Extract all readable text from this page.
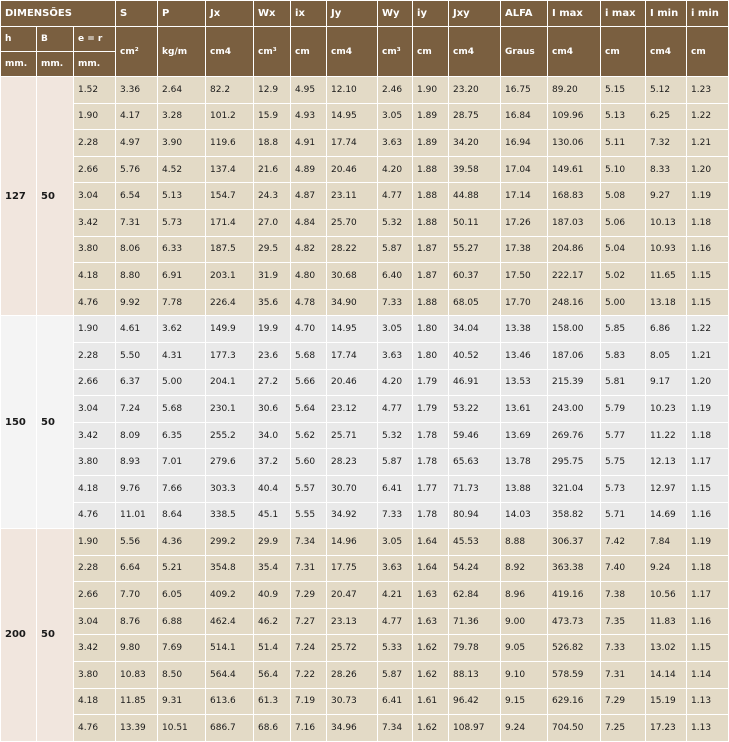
DIMENSÕES			S	P	Jx	Wx	ix	Jy	Wy	iy	Jxy	ALFA	I max	i max	I min	i min
h	B	e = r	cm²	kg/m	cm4	cm³	cm	cm4	cm³	cm	cm4	Graus	cm4	cm	cm4	cm
mm.	mm.	mm.														
127	50	1.52	3.36	2.64	82.2	12.9	4.95	12.10	2.46	1.90	23.20	16.75	89.20	5.15	5.12	1.23
		1.90	4.17	3.28	101.2	15.9	4.93	14.95	3.05	1.89	28.75	16.84	109.96	5.13	6.25	1.22
		2.28	4.97	3.90	119.6	18.8	4.91	17.74	3.63	1.89	34.20	16.94	130.06	5.11	7.32	1.21
		2.66	5.76	4.52	137.4	21.6	4.89	20.46	4.20	1.88	39.58	17.04	149.61	5.10	8.33	1.20
		3.04	6.54	5.13	154.7	24.3	4.87	23.11	4.77	1.88	44.88	17.14	168.83	5.08	9.27	1.19
		3.42	7.31	5.73	171.4	27.0	4.84	25.70	5.32	1.88	50.11	17.26	187.03	5.06	10.13	1.18
		3.80	8.06	6.33	187.5	29.5	4.82	28.22	5.87	1.87	55.27	17.38	204.86	5.04	10.93	1.16
		4.18	8.80	6.91	203.1	31.9	4.80	30.68	6.40	1.87	60.37	17.50	222.17	5.02	11.65	1.15
		4.76	9.92	7.78	226.4	35.6	4.78	34.90	7.33	1.88	68.05	17.70	248.16	5.00	13.18	1.15
150	50	1.90	4.61	3.62	149.9	19.9	4.70	14.95	3.05	1.80	34.04	13.38	158.00	5.85	6.86	1.22
		2.28	5.50	4.31	177.3	23.6	5.68	17.74	3.63	1.80	40.52	13.46	187.06	5.83	8.05	1.21
		2.66	6.37	5.00	204.1	27.2	5.66	20.46	4.20	1.79	46.91	13.53	215.39	5.81	9.17	1.20
		3.04	7.24	5.68	230.1	30.6	5.64	23.12	4.77	1.79	53.22	13.61	243.00	5.79	10.23	1.19
		3.42	8.09	6.35	255.2	34.0	5.62	25.71	5.32	1.78	59.46	13.69	269.76	5.77	11.22	1.18
		3.80	8.93	7.01	279.6	37.2	5.60	28.23	5.87	1.78	65.63	13.78	295.75	5.75	12.13	1.17
		4.18	9.76	7.66	303.3	40.4	5.57	30.70	6.41	1.77	71.73	13.88	321.04	5.73	12.97	1.15
		4.76	11.01	8.64	338.5	45.1	5.55	34.92	7.33	1.78	80.94	14.03	358.82	5.71	14.69	1.16
200	50	1.90	5.56	4.36	299.2	29.9	7.34	14.96	3.05	1.64	45.53	8.88	306.37	7.42	7.84	1.19
		2.28	6.64	5.21	354.8	35.4	7.31	17.75	3.63	1.64	54.24	8.92	363.38	7.40	9.24	1.18
		2.66	7.70	6.05	409.2	40.9	7.29	20.47	4.21	1.63	62.84	8.96	419.16	7.38	10.56	1.17
		3.04	8.76	6.88	462.4	46.2	7.27	23.13	4.77	1.63	71.36	9.00	473.73	7.35	11.83	1.16
		3.42	9.80	7.69	514.1	51.4	7.24	25.72	5.33	1.62	79.78	9.05	526.82	7.33	13.02	1.15
		3.80	10.83	8.50	564.4	56.4	7.22	28.26	5.87	1.62	88.13	9.10	578.59	7.31	14.14	1.14
		4.18	11.85	9.31	613.6	61.3	7.19	30.73	6.41	1.61	96.42	9.15	629.16	7.29	15.19	1.13
		4.76	13.39	10.51	686.7	68.6	7.16	34.96	7.34	1.62	108.97	9.24	704.50	7.25	17.23	1.13
